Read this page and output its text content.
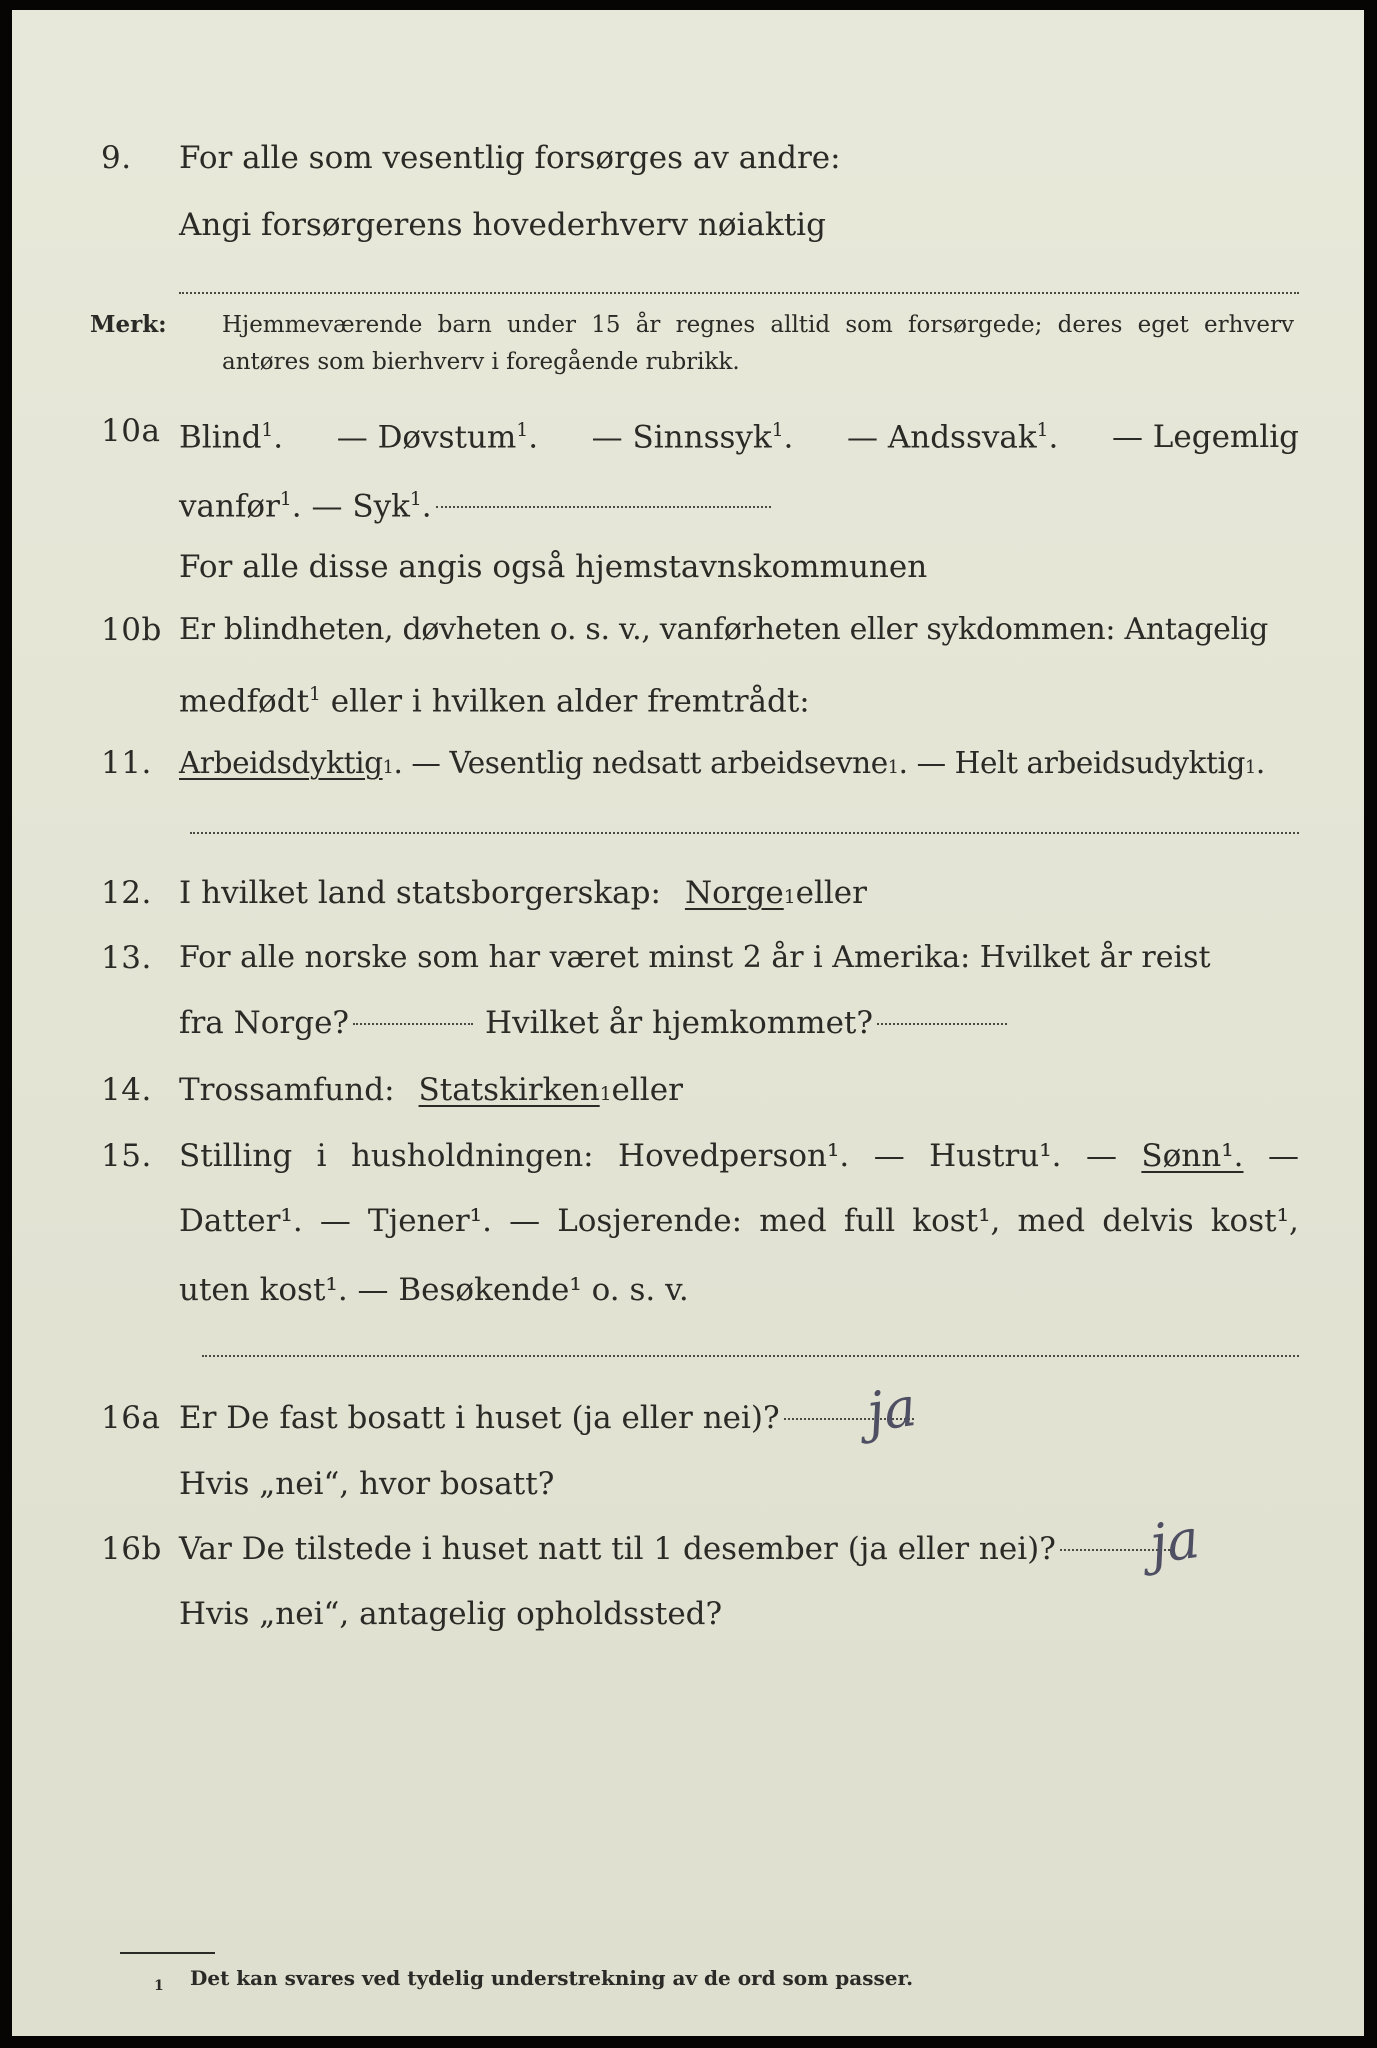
9. For alle som vesentlig forsørges av andre:
Angi forsørgerens hovederhverv nøiaktig
Merk: Hjemmeværende barn under 15 år regnes alltid som forsørgede; deres eget erhverv
antøres som bierhverv i foregående rubrikk.
10a Blind$^1$. — Døvstum$^1$. — Sinnssyk$^1$. — Andssvak$^1$. — Legemlig
vanfør$^1$. — Syk$^1$.
For alle disse angis også hjemstavnskommunen
10b Er blindheten, døvheten o. s. v., vanførheten eller sykdommen: Antagelig
medfødt$^1$ eller i hvilken alder fremtrådt:
11. Arbeidsdyktig 1 . — Vesentlig nedsatt arbeidsevne 1 . — Helt arbeidsudyktig 1 .
12. I hvilket land statsborgerskap: Norge 1 eller
13. For alle norske som har været minst 2 år i Amerika: Hvilket år reist
fra Norge?	Hvilket år hjemkommet?
14. Trossamfund: Statskirken 1 eller
15. Stilling i husholdningen: Hovedperson¹. — Hustru¹. — Sønn¹. —
Datter¹. — Tjener¹. — Losjerende: med full kost¹, med delvis kost¹,
uten kost¹. — Besøkende¹ o. s. v.
16a Er De fast bosatt i huset (ja eller nei)? ja
Hvis „nei“, hvor bosatt?
16b Var De tilstede i huset natt til 1 desember (ja eller nei)? ja
Hvis „nei“, antagelig opholdssted?
1 Det kan svares ved tydelig understrekning av de ord som passer.
